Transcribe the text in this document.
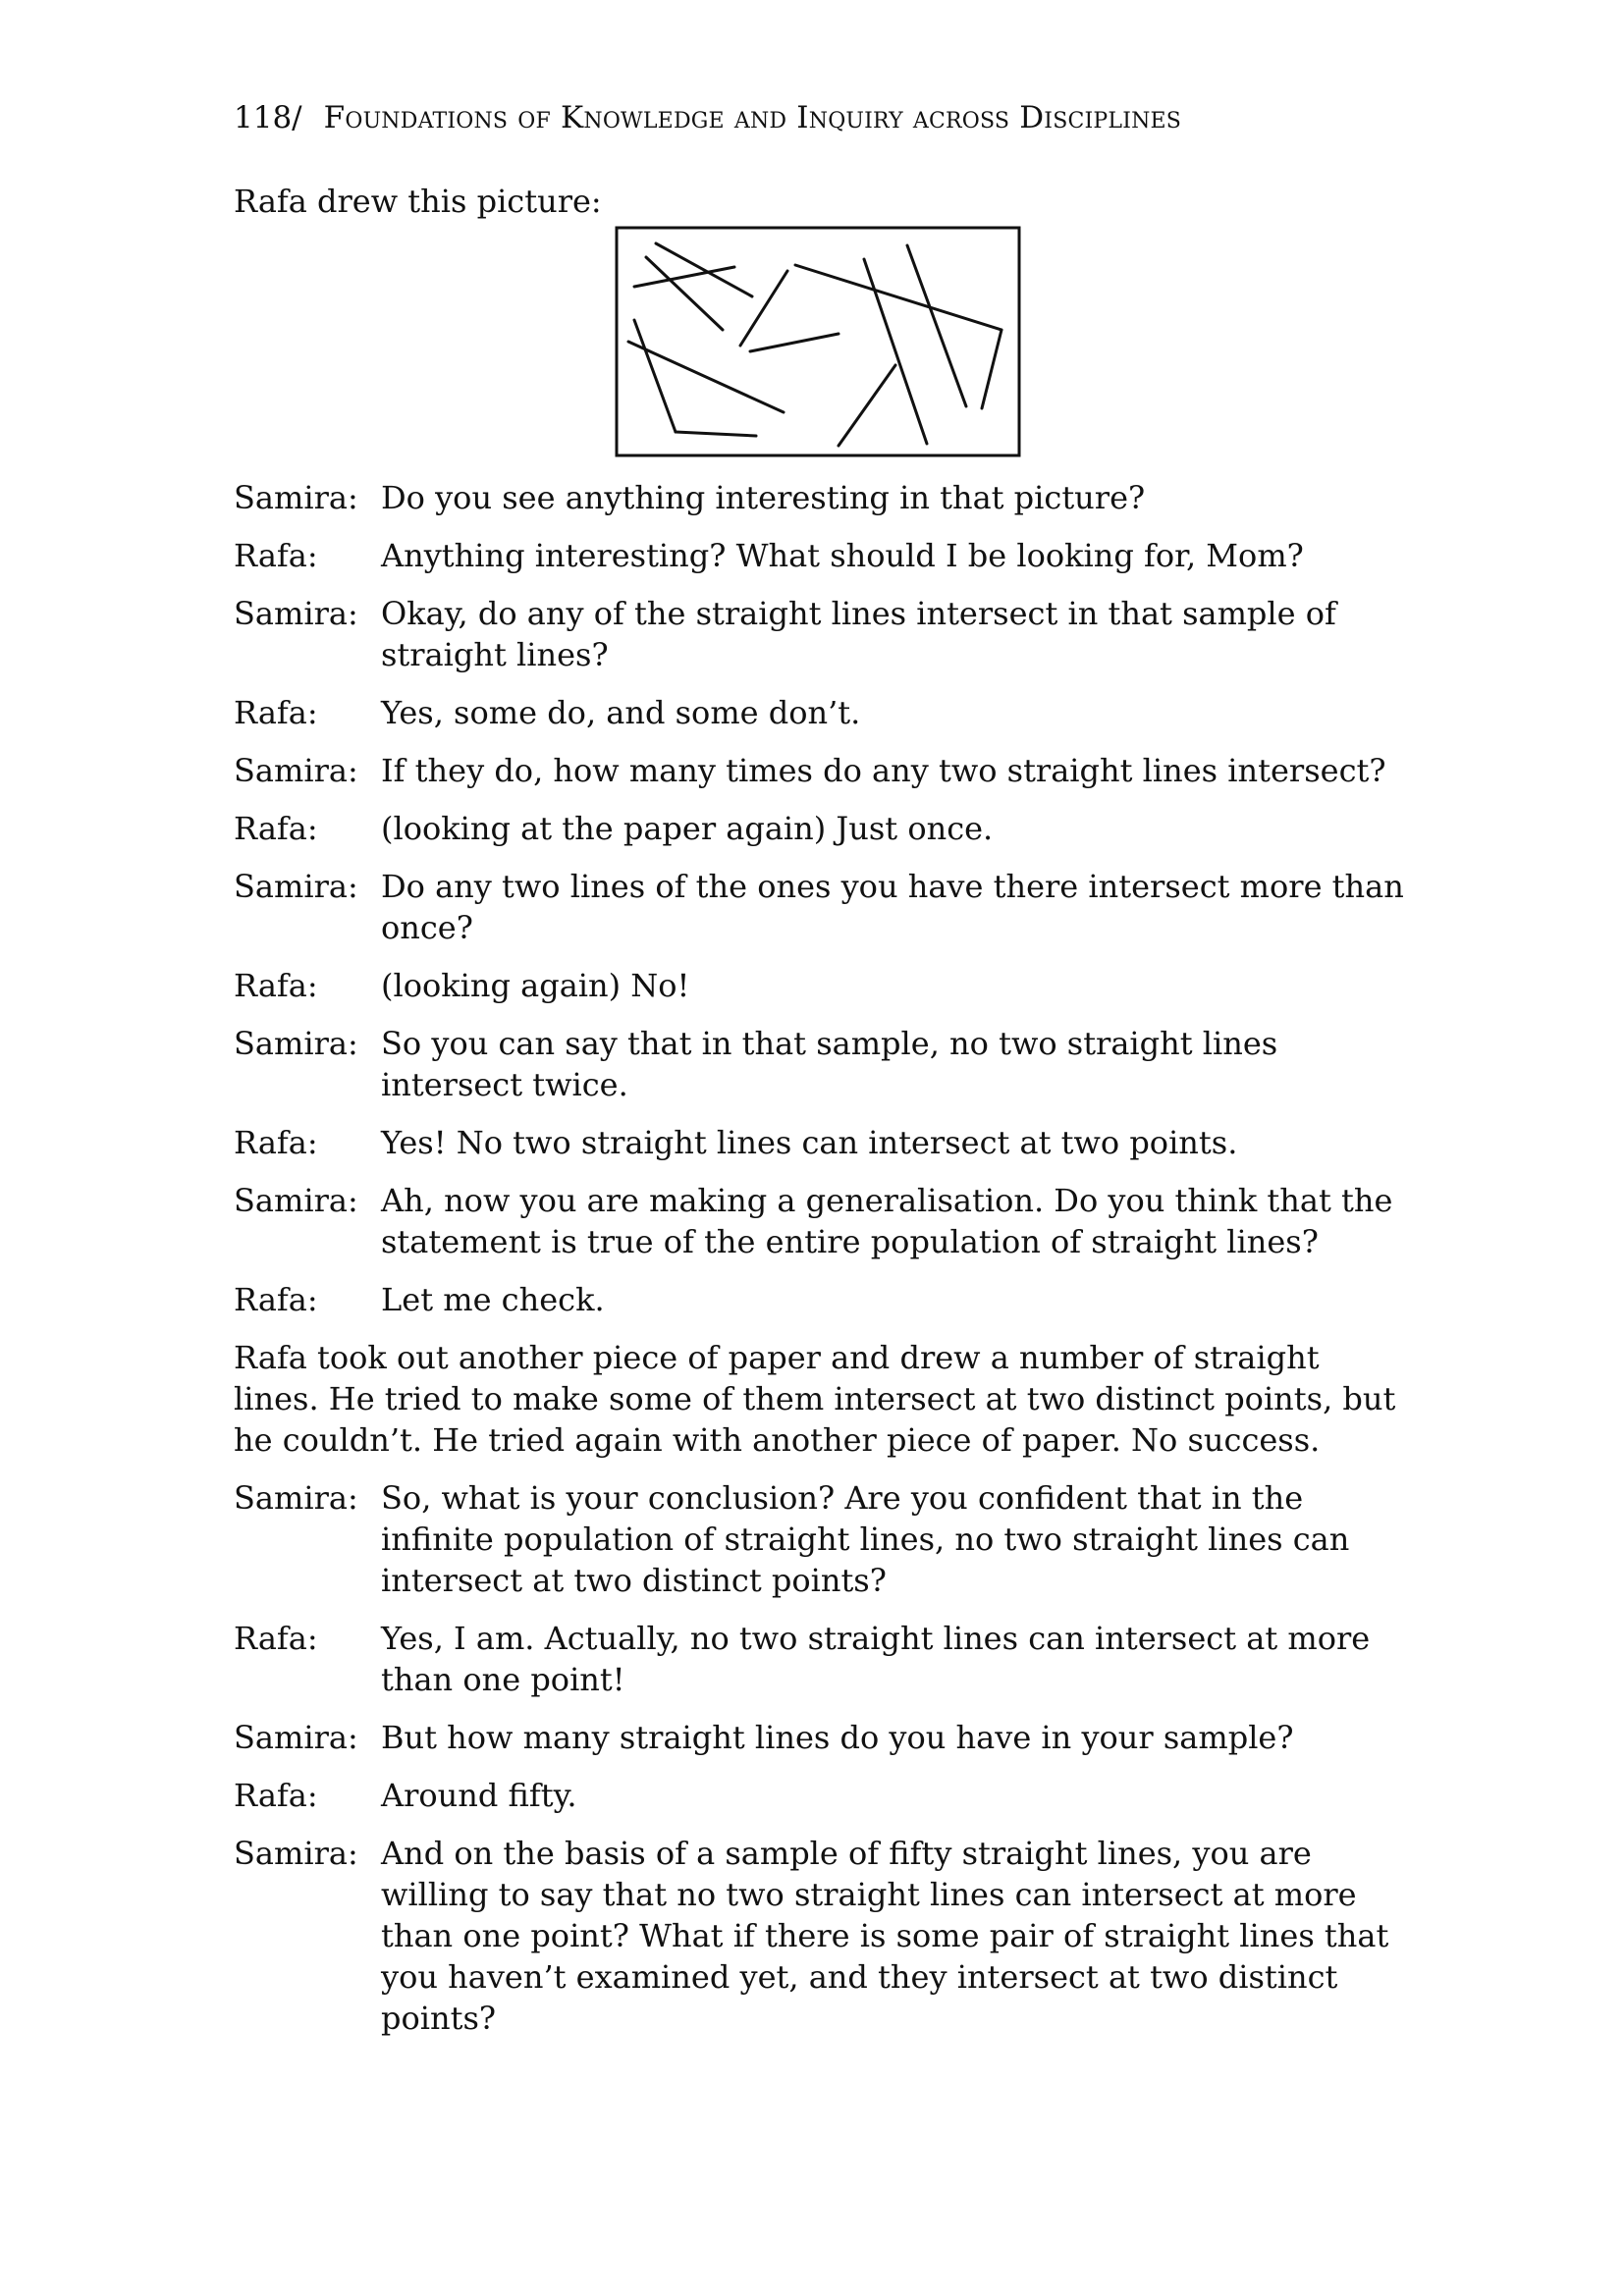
118/ Foundations of Knowledge and Inquiry across Disciplines

Rafa drew this picture:

Samira: Do you see anything interesting in that picture?
Rafa:	Anything interesting? What should I be looking for, Mom?
Samira: Okay, do any of the straight lines intersect in that sample of straight lines?
Rafa:	Yes, some do, and some don’t.
Samira: If they do, how many times do any two straight lines intersect?
Rafa:	(looking at the paper again) Just once.
Samira: Do any two lines of the ones you have there intersect more than once?
Rafa:	(looking again) No!
Samira: So you can say that in that sample, no two straight lines intersect twice.
Rafa:	Yes! No two straight lines can intersect at two points.
Samira: Ah, now you are making a generalisation. Do you think that the statement is true of the entire population of straight lines?
Rafa:	Let me check.

Rafa took out another piece of paper and drew a number of straight lines. He tried to make some of them intersect at two distinct points, but he couldn’t. He tried again with another piece of paper. No success.

Samira: So, what is your conclusion? Are you confident that in the infinite population of straight lines, no two straight lines can intersect at two distinct points?
Rafa:	Yes, I am. Actually, no two straight lines can intersect at more than one point!
Samira: But how many straight lines do you have in your sample?
Rafa:	Around fifty.
Samira: And on the basis of a sample of fifty straight lines, you are willing to say that no two straight lines can intersect at more than one point? What if there is some pair of straight lines that you haven’t examined yet, and they intersect at two distinct points?
